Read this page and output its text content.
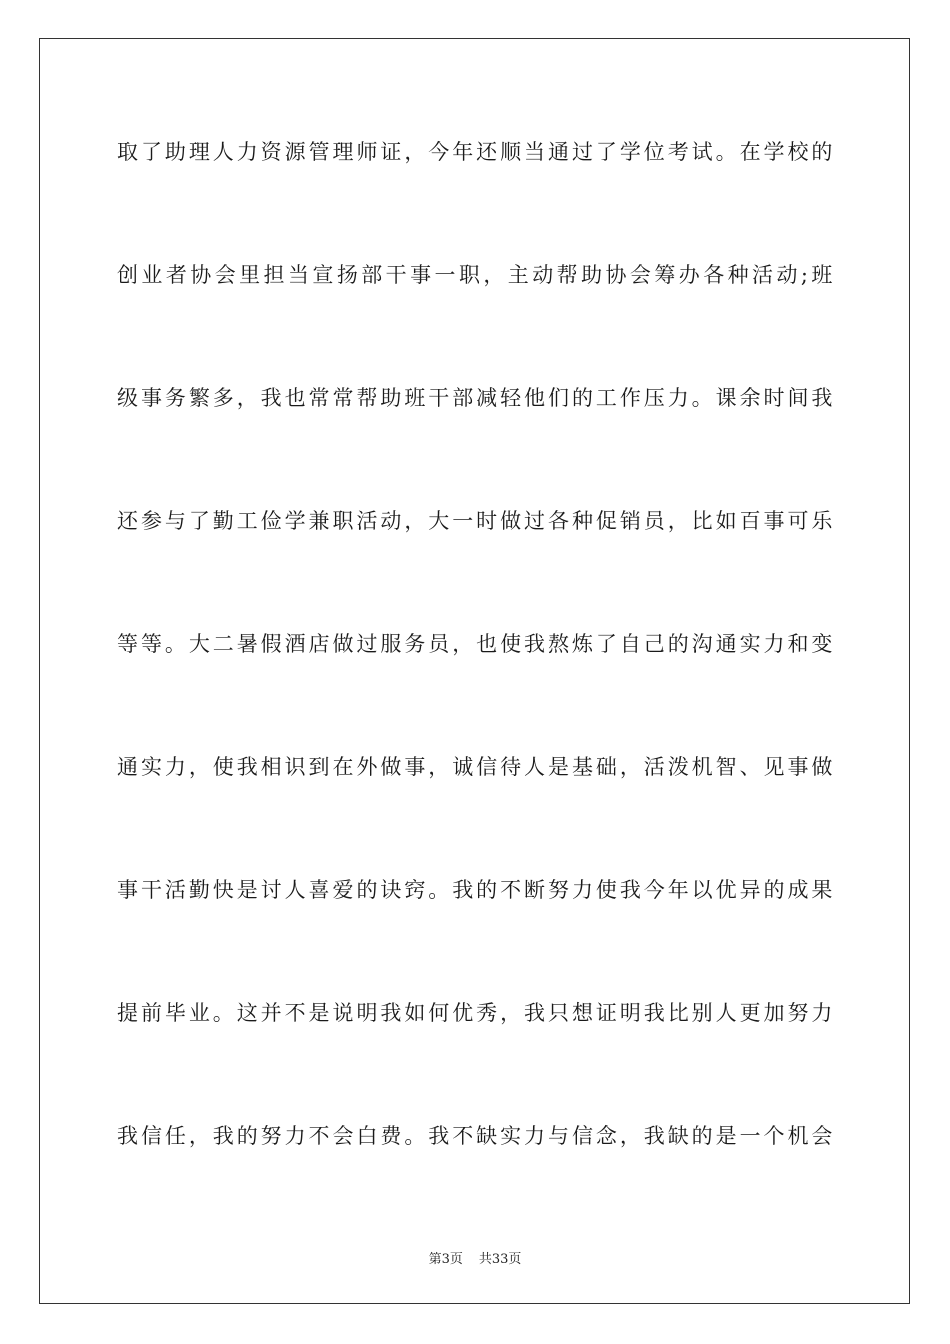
取了助理人力资源管理师证，今年还顺当通过了学位考试。在学校的
创业者协会里担当宣扬部干事一职，主动帮助协会筹办各种活动;班
级事务繁多，我也常常帮助班干部减轻他们的工作压力。课余时间我
还参与了勤工俭学兼职活动，大一时做过各种促销员，比如百事可乐
等等。大二暑假酒店做过服务员，也使我熬炼了自己的沟通实力和变
通实力，使我相识到在外做事，诚信待人是基础，活泼机智、见事做
事干活勤快是讨人喜爱的诀窍。我的不断努力使我今年以优异的成果
提前毕业。这并不是说明我如何优秀，我只想证明我比别人更加努力
我信任，我的努力不会白费。我不缺实力与信念，我缺的是一个机会
第3页 共33页
